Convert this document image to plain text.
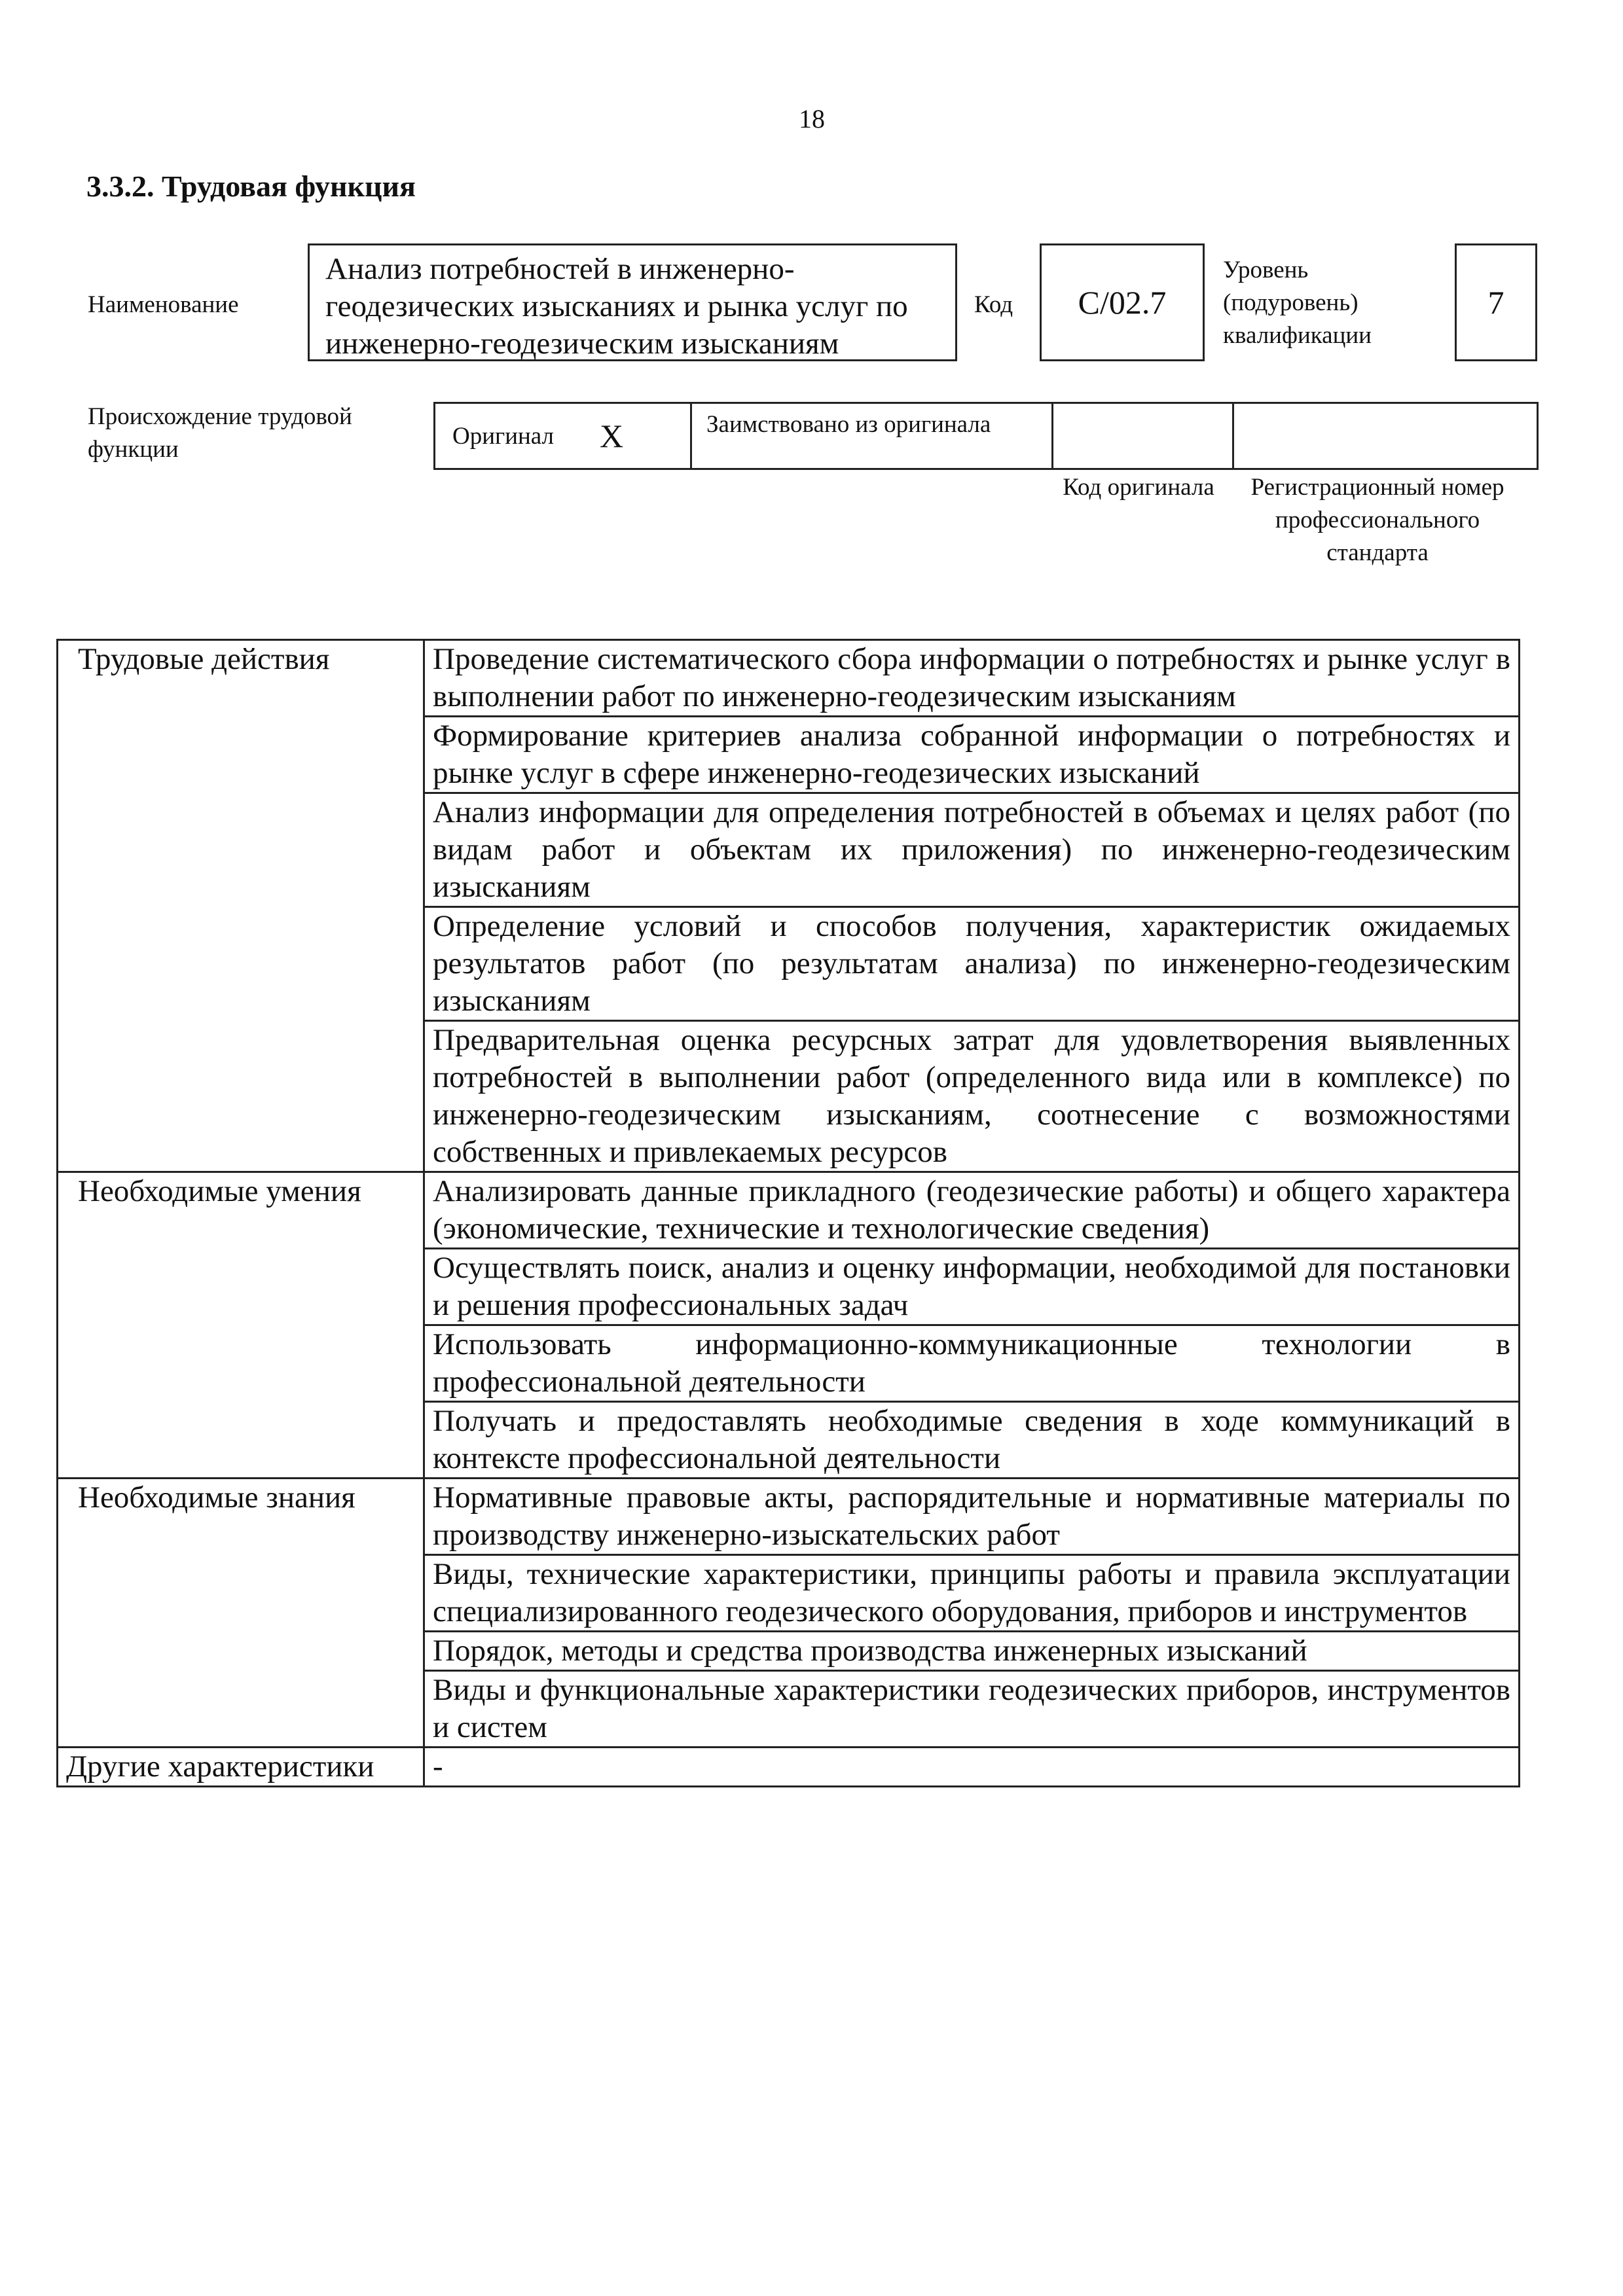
18
3.3.2. Трудовая функция
Наименование
Анализ потребностей в инженерно-геодезических изысканиях и рынка услуг по инженерно-геодезическим изысканиям
Код	С/02.7
Уровень
(подуровень)
квалификации
7
Происхождение трудовой функции	Оригинал X	Заимствовано из оригинала
Код оригинала	Регистрационный номер профессионального стандарта
Трудовые действия	Проведение систематического сбора информации о потребностях и рынке услуг в выполнении работ по инженерно-геодезическим изысканиям
	Формирование критериев анализа собранной информации о потребностях и рынке услуг в сфере инженерно-геодезических изысканий
	Анализ информации для определения потребностей в объемах и целях работ (по видам работ и объектам их приложения) по инженерно-геодезическим изысканиям
	Определение условий и способов получения, характеристик ожидаемых результатов работ (по результатам анализа) по инженерно-геодезическим изысканиям
	Предварительная оценка ресурсных затрат для удовлетворения выявленных потребностей в выполнении работ (определенного вида или в комплексе) по инженерно-геодезическим изысканиям, соотнесение с возможностями собственных и привлекаемых ресурсов
Необходимые умения	Анализировать данные прикладного (геодезические работы) и общего характера (экономические, технические и технологические сведения)
	Осуществлять поиск, анализ и оценку информации, необходимой для постановки и решения профессиональных задач
	Использовать информационно-коммуникационные технологии в профессиональной деятельности
	Получать и предоставлять необходимые сведения в ходе коммуникаций в контексте профессиональной деятельности
Необходимые знания	Нормативные правовые акты, распорядительные и нормативные материалы по производству инженерно-изыскательских работ
	Виды, технические характеристики, принципы работы и правила эксплуатации специализированного геодезического оборудования, приборов и инструментов
	Порядок, методы и средства производства инженерных изысканий
	Виды и функциональные характеристики геодезических приборов, инструментов и систем
Другие характеристики	-
